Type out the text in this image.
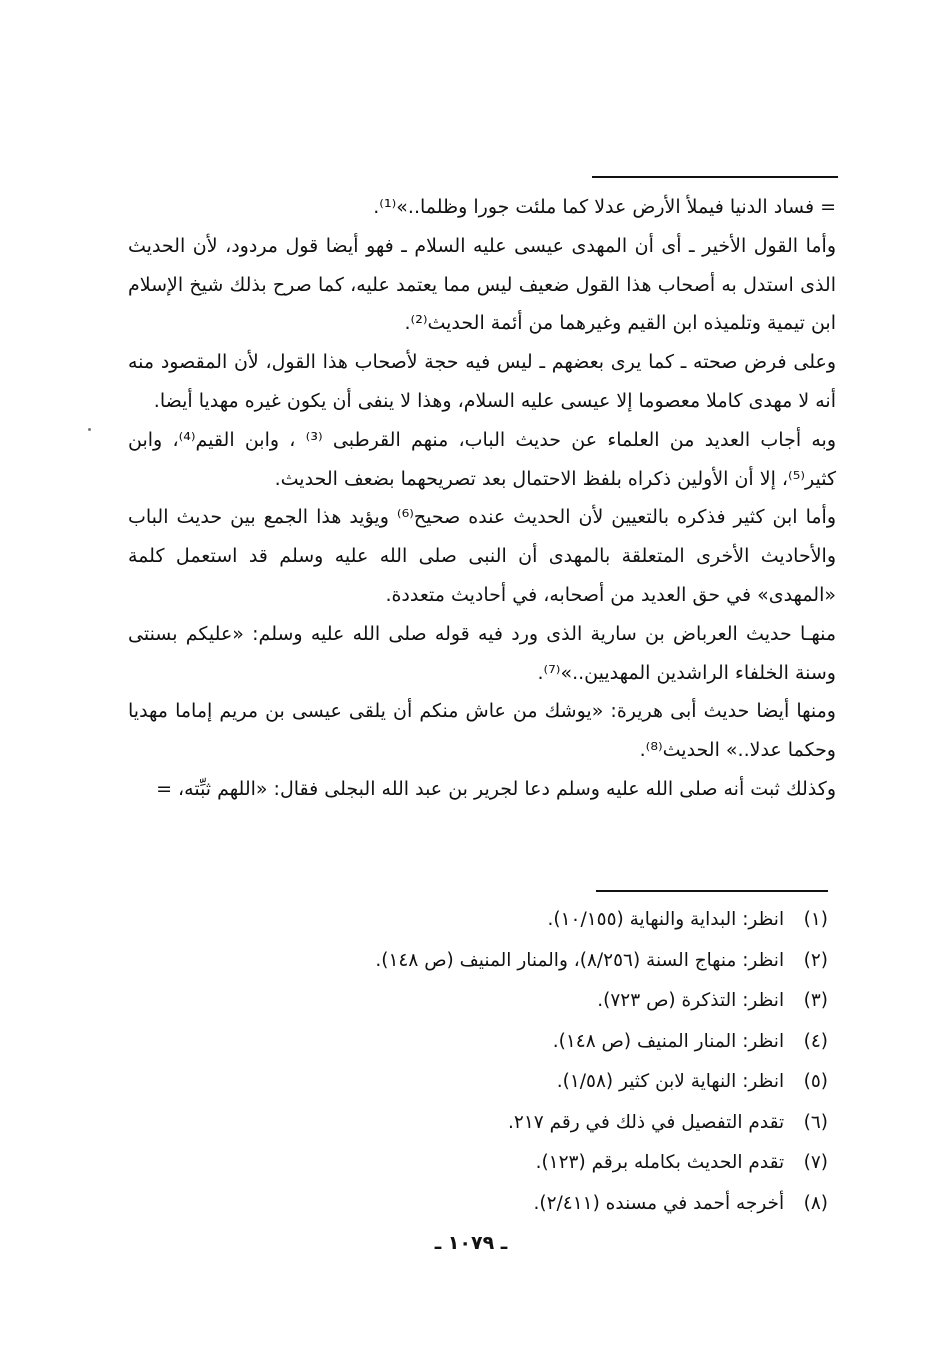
= فساد الدنيا فيملأ الأرض عدلا كما ملئت جورا وظلما..»⁽¹⁾.

وأما القول الأخير ـ أى أن المهدى عيسى عليه السلام ـ فهو أيضا قول مردود، لأن الحديث الذى استدل به أصحاب هذا القول ضعيف ليس مما يعتمد عليه، كما صرح بذلك شيخ الإسلام ابن تيمية وتلميذه ابن القيم وغيرهما من أئمة الحديث⁽²⁾.

وعلى فرض صحته ـ كما يرى بعضهم ـ ليس فيه حجة لأصحاب هذا القول، لأن المقصود منه أنه لا مهدى كاملا معصوما إلا عيسى عليه السلام، وهذا لا ينفى أن يكون غيره مهديا أيضا.

وبه أجاب العديد من العلماء عن حديث الباب، منهم القرطبى ⁽³⁾ ، وابن القيم⁽⁴⁾، وابن كثير⁽⁵⁾، إلا أن الأولين ذكراه بلفظ الاحتمال بعد تصريحهما بضعف الحديث.

وأما ابن كثير فذكره بالتعيين لأن الحديث عنده صحيح⁽⁶⁾ ويؤيد هذا الجمع بين حديث الباب والأحاديث الأخرى المتعلقة بالمهدى أن النبى صلى الله عليه وسلم قد استعمل كلمة «المهدى» في حق العديد من أصحابه، في أحاديث متعددة.

منهـا حديث العرباض بن سارية الذى ورد فيه قوله صلى الله عليه وسلم: «عليكم بسنتى وسنة الخلفاء الراشدين المهديين..»⁽⁷⁾.

ومنها أيضا حديث أبى هريرة: «يوشك من عاش منكم أن يلقى عيسى بن مريم إماما مهديا وحكما عدلا..» الحديث⁽⁸⁾.

وكذلك ثبت أنه صلى الله عليه وسلم دعا لجرير بن عبد الله البجلى فقال: «اللهم ثبِّته، =

(١) انظر: البداية والنهاية (١٠/١٥٥).
(٢) انظر: منهاج السنة (٨/٢٥٦)، والمنار المنيف (ص ١٤٨).
(٣) انظر: التذكرة (ص ٧٢٣).
(٤) انظر: المنار المنيف (ص ١٤٨).
(٥) انظر: النهاية لابن كثير (١/٥٨).
(٦) تقدم التفصيل في ذلك في رقم ٢١٧.
(٧) تقدم الحديث بكامله برقم (١٢٣).
(٨) أخرجه أحمد في مسنده (٢/٤١١).
ـ ١٠٧٩ ـ
